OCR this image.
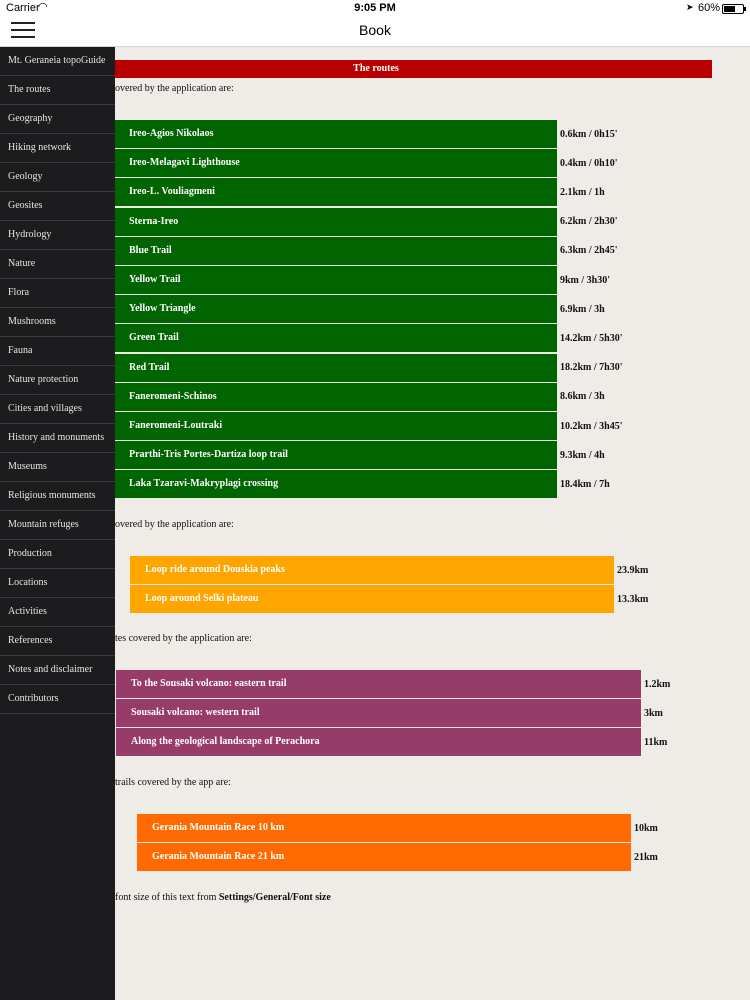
Carrier
◠	9:05 PM	➤ 60%
Book
The routes
overed by the application are:
Ireo-Agios Nikolaos	0.6km / 0h15'
Ireo-Melagavi Lighthouse	0.4km / 0h10'
Ireo-L. Vouliagmeni	2.1km / 1h
Sterna-Ireo	6.2km / 2h30'
Blue Trail	6.3km / 2h45'
Yellow Trail	9km / 3h30'
Yellow Triangle	6.9km / 3h
Green Trail	14.2km / 5h30'
Red Trail	18.2km / 7h30'
Faneromeni-Schinos	8.6km / 3h
Faneromeni-Loutraki	10.2km / 3h45'
Prarthi-Tris Portes-Dartiza loop trail	9.3km / 4h
Laka Tzaravi-Makryplagi crossing	18.4km / 7h
overed by the application are:
Loop ride around Douskia peaks	23.9km
Loop around Selki plateau	13.3km
tes covered by the application are:
To the Sousaki volcano: eastern trail	1.2km
Sousaki volcano: western trail	3km
Along the geological landscape of Perachora	11km
trails covered by the app are:
Gerania Mountain Race 10 km	10km
Gerania Mountain Race 21 km	21km
font size of this text from Settings/General/Font size
Mt. Geraneia topoGuide
The routes
Geography
Hiking network
Geology
Geosites
Hydrology
Nature
Flora
Mushrooms
Fauna
Nature protection
Cities and villages
History and monuments
Museums
Religious monuments
Mountain refuges
Production
Locations
Activities
References
Notes and disclaimer
Contributors
